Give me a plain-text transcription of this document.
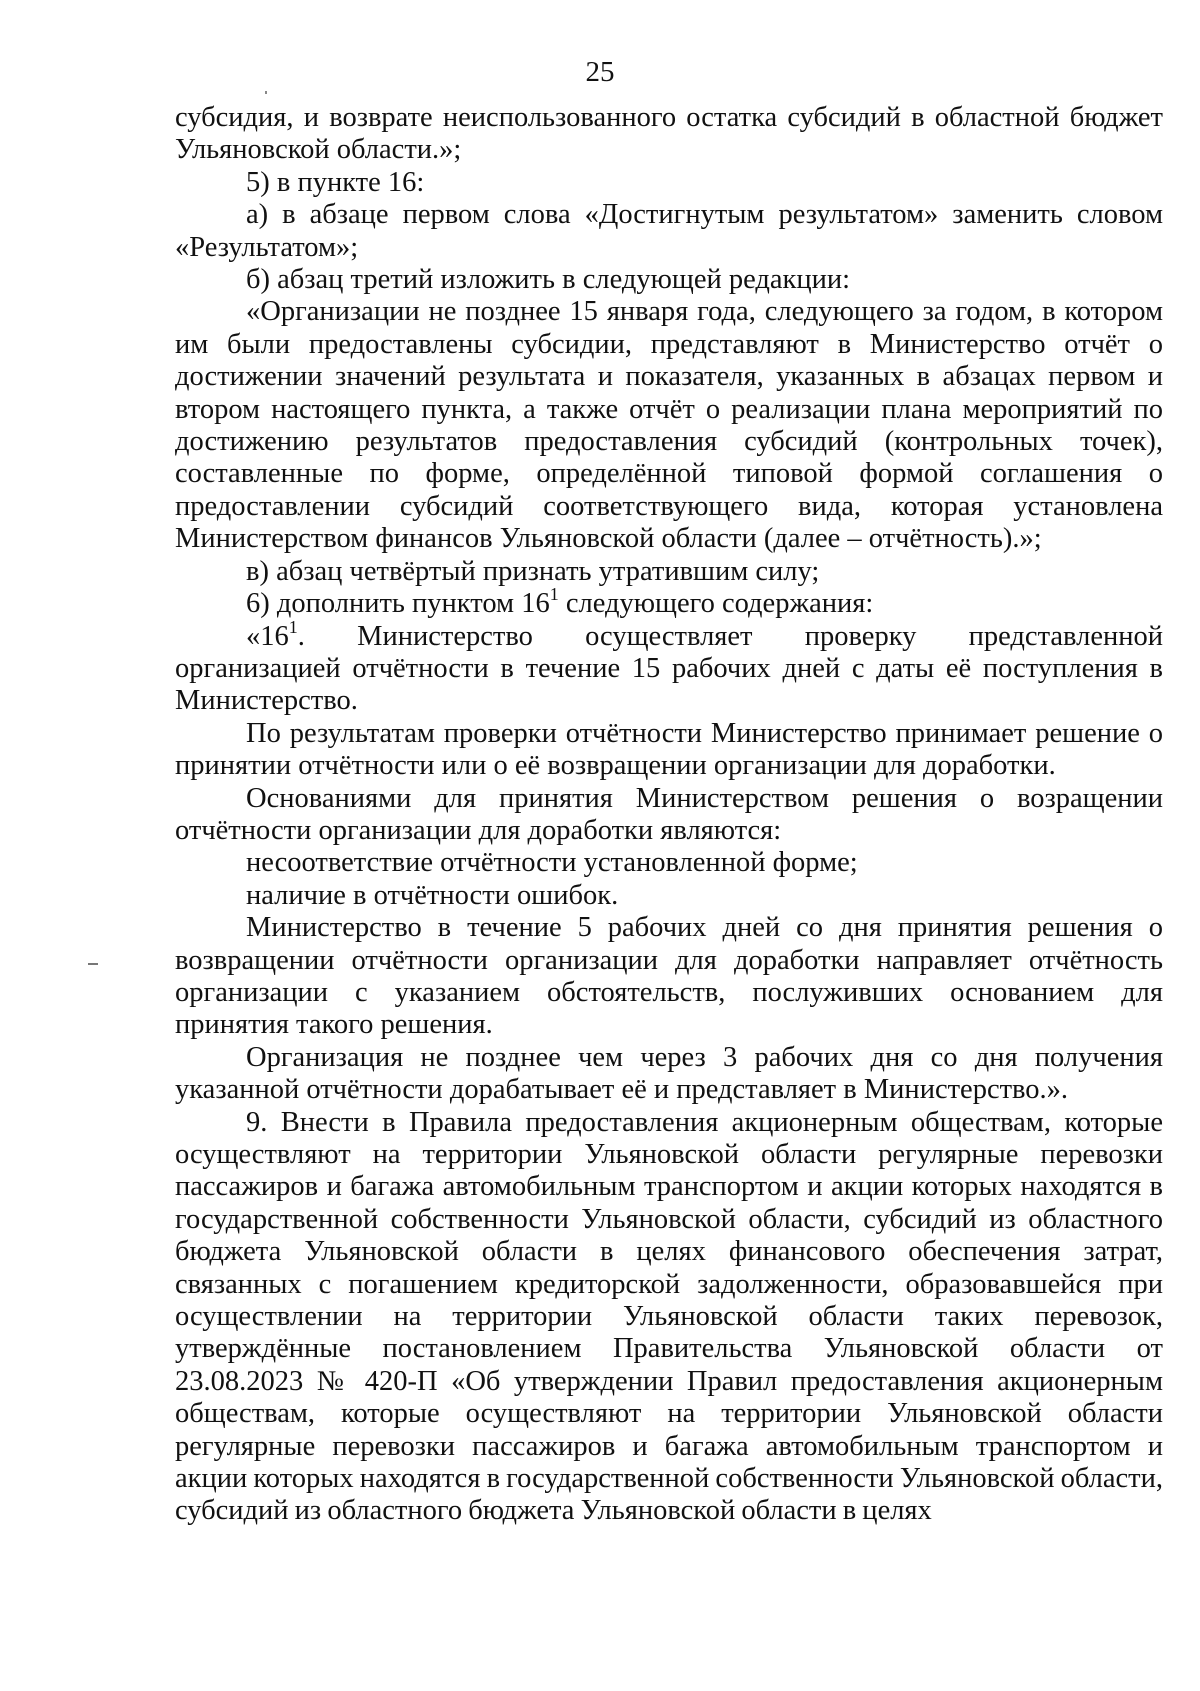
25

субсидия, и возврате неиспользованного остатка субсидий в областной бюджет Ульяновской области.»;

5) в пункте 16:

а) в абзаце первом слова «Достигнутым результатом» заменить словом «Результатом»;

б) абзац третий изложить в следующей редакции:

«Организации не позднее 15 января года, следующего за годом, в котором им были предоставлены субсидии, представляют в Министерство отчёт о достижении значений результата и показателя, указанных в абзацах первом и втором настоящего пункта, а также отчёт о реализации плана мероприятий по достижению результатов предоставления субсидий (контрольных точек), составленные по форме, определённой типовой формой соглашения о предоставлении субсидий соответствующего вида, которая установлена Министерством финансов Ульяновской области (далее – отчётность).»;

в) абзац четвёртый признать утратившим силу;

6) дополнить пунктом $16^1$ следующего содержания:

«$16^1$. Министерство осуществляет проверку представленной

организацией отчётности в течение 15 рабочих дней с даты её поступления в Министерство.

По результатам проверки отчётности Министерство принимает решение о принятии отчётности или о её возвращении организации для доработки.

Основаниями для принятия Министерством решения о возращении отчётности организации для доработки являются:

несоответствие отчётности установленной форме;

наличие в отчётности ошибок.

Министерство в течение 5 рабочих дней со дня принятия решения о возвращении отчётности организации для доработки направляет отчётность организации с указанием обстоятельств, послуживших основанием для принятия такого решения.

Организация не позднее чем через 3 рабочих дня со дня получения указанной отчётности дорабатывает её и представляет в Министерство.».

9. Внести в Правила предоставления акционерным обществам, которые осуществляют на территории Ульяновской области регулярные перевозки пассажиров и багажа автомобильным транспортом и акции которых находятся в государственной собственности Ульяновской области, субсидий из областного бюджета Ульяновской области в целях финансового обеспечения затрат, связанных с погашением кредиторской задолженности, образовавшейся при осуществлении на территории Ульяновской области таких перевозок, утверждённые постановлением Правительства Ульяновской области от 23.08.2023 № 420-П «Об утверждении Правил предоставления акционерным обществам, которые осуществляют на территории Ульяновской области регулярные перевозки пассажиров и багажа автомобильным транспортом и акции которых находятся в государственной собственности Ульяновской области, субсидий из областного бюджета Ульяновской области в целях
